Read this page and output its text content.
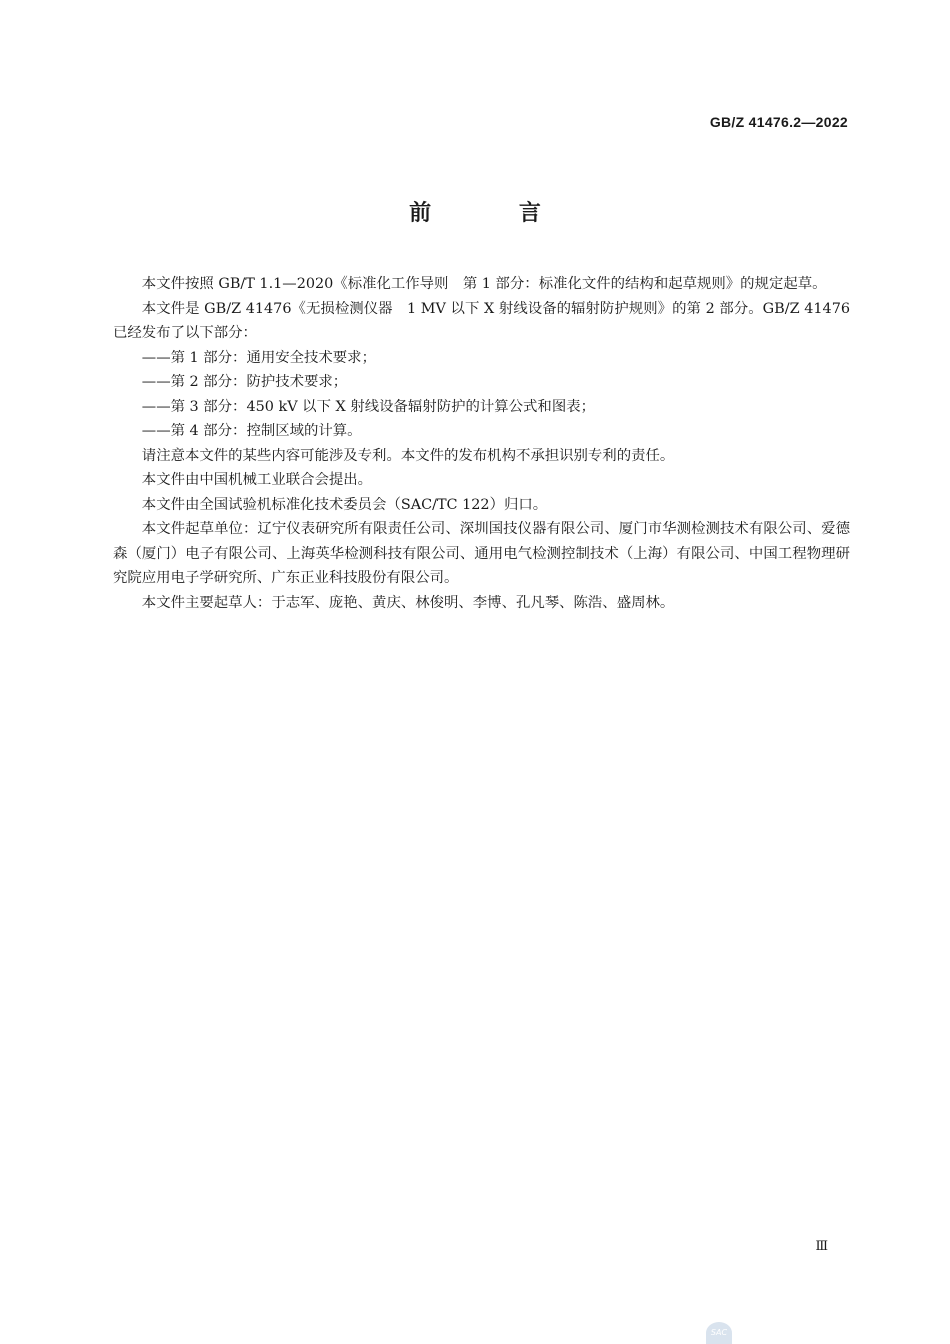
GB/Z 41476.2—2022
前 言

本文件按照 GB/T 1.1—2020《标准化工作导则　第 1 部分：标准化文件的结构和起草规则》的规定起草。

本文件是 GB/Z 41476《无损检测仪器　1 MV 以下 X 射线设备的辐射防护规则》的第 2 部分。GB/Z 41476 已经发布了以下部分：

——第 1 部分：通用安全技术要求；

——第 2 部分：防护技术要求；

——第 3 部分：450 kV 以下 X 射线设备辐射防护的计算公式和图表；

——第 4 部分：控制区域的计算。

请注意本文件的某些内容可能涉及专利。本文件的发布机构不承担识别专利的责任。

本文件由中国机械工业联合会提出。

本文件由全国试验机标准化技术委员会（SAC/TC 122）归口。

本文件起草单位：辽宁仪表研究所有限责任公司、深圳国技仪器有限公司、厦门市华测检测技术有限公司、爱德森（厦门）电子有限公司、上海英华检测科技有限公司、通用电气检测控制技术（上海）有限公司、中国工程物理研究院应用电子学研究所、广东正业科技股份有限公司。

本文件主要起草人：于志军、庞艳、黄庆、林俊明、李博、孔凡琴、陈浩、盛周林。

Ⅲ
SAC
